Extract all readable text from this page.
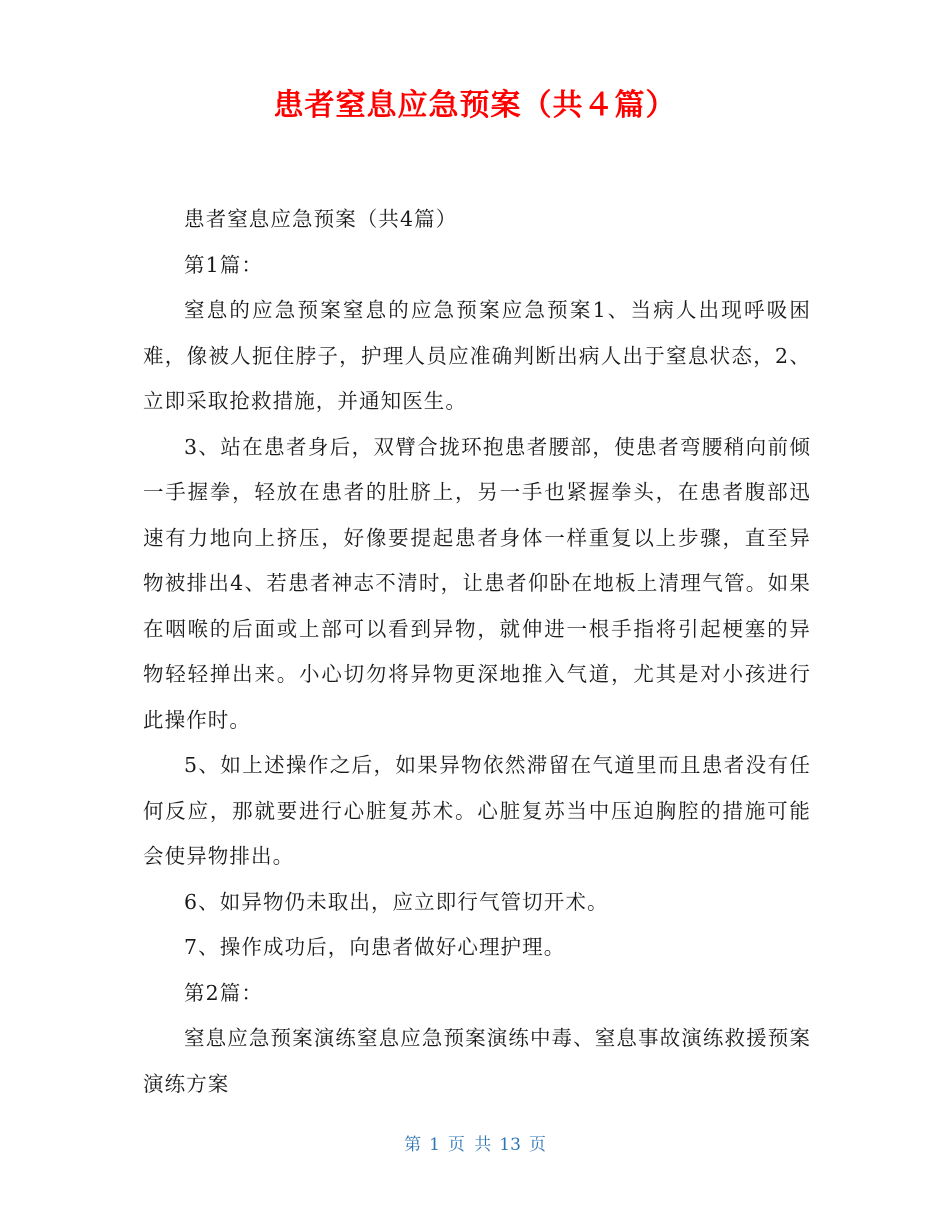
患者窒息应急预案（共４篇）

患者窒息应急预案（共4篇）

第1篇：

窒息的应急预案窒息的应急预案应急预案1、当病人出现呼吸困难，像被人扼住脖子，护理人员应准确判断出病人出于窒息状态，2、立即采取抢救措施，并通知医生。

3、站在患者身后，双臂合拢环抱患者腰部，使患者弯腰稍向前倾一手握拳，轻放在患者的肚脐上，另一手也紧握拳头，在患者腹部迅速有力地向上挤压，好像要提起患者身体一样重复以上步骤，直至异物被排出4、若患者神志不清时，让患者仰卧在地板上清理气管。如果在咽喉的后面或上部可以看到异物，就伸进一根手指将引起梗塞的异物轻轻掸出来。小心切勿将异物更深地推入气道，尤其是对小孩进行此操作时。

5、如上述操作之后，如果异物依然滞留在气道里而且患者没有任何反应，那就要进行心脏复苏术。心脏复苏当中压迫胸腔的措施可能会使异物排出。

6、如异物仍未取出，应立即行气管切开术。

7、操作成功后，向患者做好心理护理。

第2篇：

窒息应急预案演练窒息应急预案演练中毒、窒息事故演练救援预案演练方案

第 1 页 共 13 页
